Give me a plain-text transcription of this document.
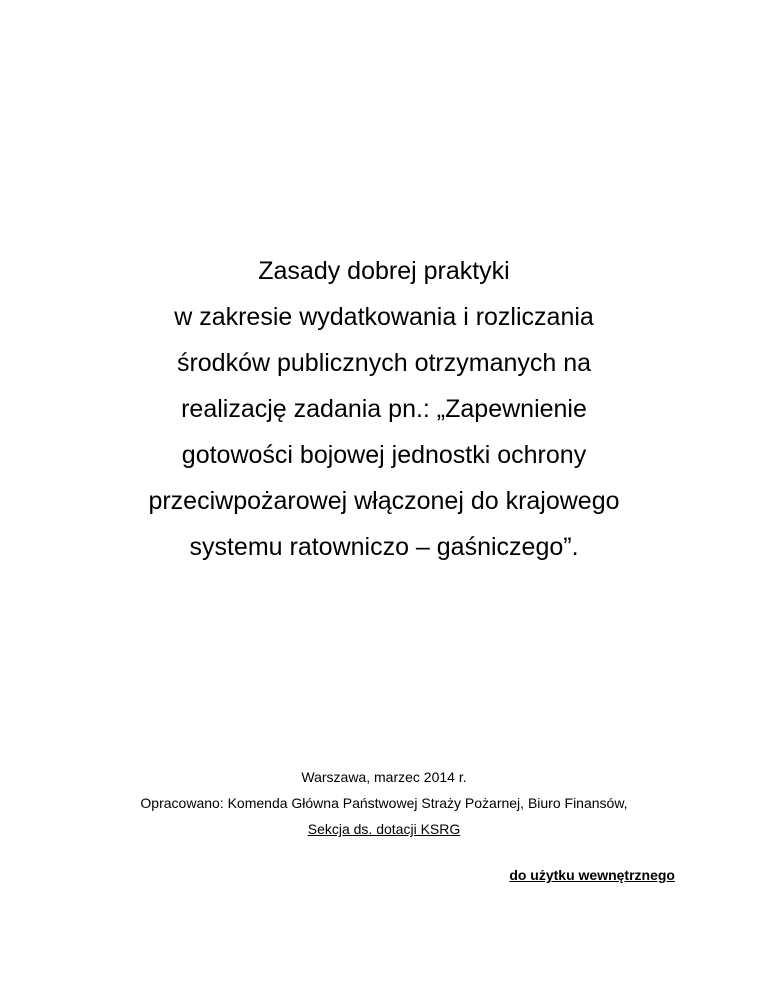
Zasady dobrej praktyki
w zakresie wydatkowania i rozliczania
środków publicznych otrzymanych na
realizację zadania pn.: „Zapewnienie
gotowości bojowej jednostki ochrony
przeciwpożarowej włączonej do krajowego
systemu ratowniczo – gaśniczego”.
Warszawa, marzec 2014 r.
Opracowano: Komenda Główna Państwowej Straży Pożarnej, Biuro Finansów,
Sekcja ds. dotacji KSRG
do użytku wewnętrznego
